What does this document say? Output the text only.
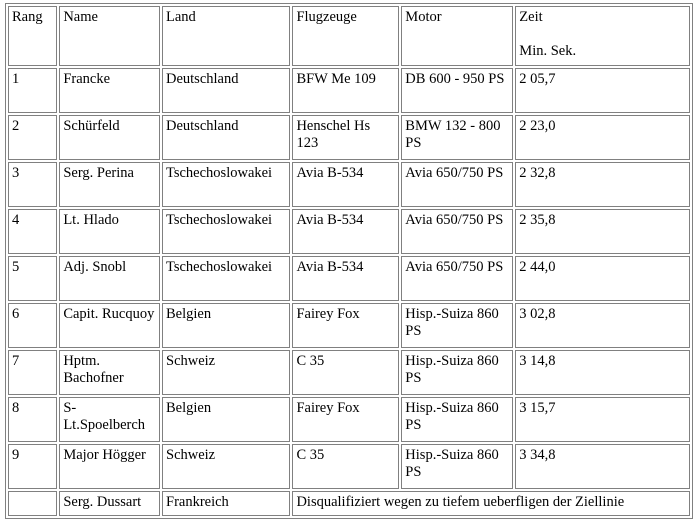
Rang	Name	Land	Flugzeuge	Motor	Zeit
Min. Sek.

1	Francke	Deutschland	BFW Me 109	DB 600 - 950 PS	2 05,7
2	Schürfeld	Deutschland	Henschel Hs 123	BMW 132 - 800 PS	2 23,0
3	Serg. Perina	Tschechoslowakei	Avia B-534	Avia 650/750 PS	2 32,8
4	Lt. Hlado	Tschechoslowakei	Avia B-534	Avia 650/750 PS	2 35,8
5	Adj. Snobl	Tschechoslowakei	Avia B-534	Avia 650/750 PS	2 44,0
6	Capit. Rucquoy	Belgien	Fairey Fox	Hisp.-Suiza 860 PS	3 02,8
7	Hptm. Bachofner	Schweiz	C 35	Hisp.-Suiza 860 PS	3 14,8
8	S-Lt.Spoelberch	Belgien	Fairey Fox	Hisp.-Suiza 860 PS	3 15,7
9	Major Högger	Schweiz	C 35	Hisp.-Suiza 860 PS	3 34,8
	Serg. Dussart	Frankreich	Disqualifiziert wegen zu tiefem ueberfligen der Ziellinie		
